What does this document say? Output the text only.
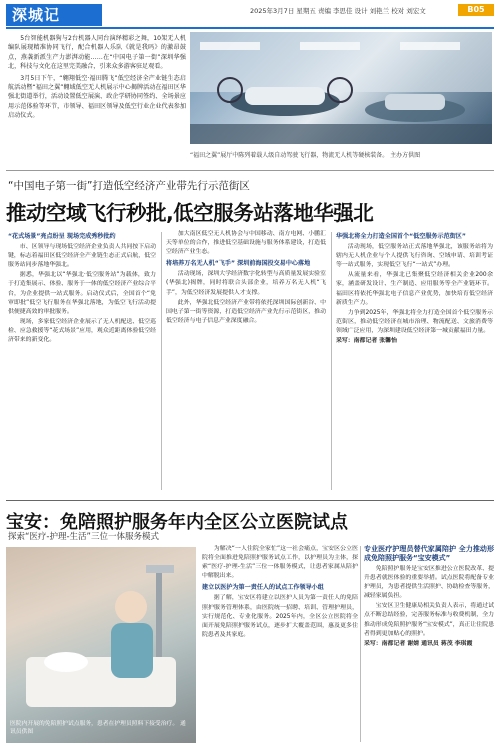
深城记	2025年3月7日 星期五 责编 李思佳 设计 刘艳兰 校对 刘宏文	B05

5台智能机器狗与2台机器人同台演绎精彩之舞，10架无人机编队展现精准协同飞行，配合机器人乐队《就是我吗》的激昂鼓点，燕袭新派生产力澎湃动能……在“中国电子第一街”深圳华强北，科技与文化在这里完美融合，引来众多游客驻足观看。

3月5日下午，“翱翔低空·福田腾飞”低空经济全产业链生态启航活动暨“福田之翼”翱域低空无人机展示中心揭牌活动在福田区华强北街道举行，活动设置低空展演、政企学研协同签约、全场景应用示范体验等环节，市领导、福田区领导及低空行业企业代表参加启动仪式。

“福田之翼”展厅中陈列着载人级自动驾驶飞行器，物流无人机等硬核装备。 主办方供图
“中国电子第一街”打造低空经济产业带先行示范街区
推动空域飞行秒批,低空服务站落地华强北

“花式场景”亮点纷呈 现场完成秀秒批约

市、区领导与现场低空经济企业负责人共同按下启动键，标志着福田区低空经济全产业链生态正式启航，低空服务站同步落地华强北。

据悉，华强北以“华强北·低空服务站”为载体，致力于打造集展示、体验、服务于一体的低空经济产业综合平台，为企业提供一站式服务。启动仪式后，全国首个“免审即批”低空飞行服务在华强北落地，为低空飞行活动提供便捷高效的审批服务。

现场，多家低空经济企业展示了无人机配送、低空巡检、应急救援等“花式场景”应用，观众近距离体验低空经济带来的新变化。

加大南区低空无人机协会与中国移动、南方电网、小鹏汇天等单位的合作，推进低空基础设施与服务体系建设，打造低空经济产业生态。

将培养万名无人机“飞手” 深圳前海国投交易中心落地

活动现场，深圳大学经济数字化转型与高质量发展实验室(华强北)揭牌，同时将联合头部企业，培养万名无人机“飞手”，为低空经济发展提供人才支撑。

此外，华强北低空经济产业带将依托深圳国际创新谷、中国电子第一街等资源，打造低空经济产业先行示范街区，推动低空经济与电子信息产业深度融合。

华强北将全力打造全国首个“低空服务示范街区”

活动现场，低空服务站正式落地华强北，该服务站将为辖内无人机企业与个人提供飞行咨询、空域申请、培训考证等一站式服务，实现低空飞行“一站式”办理。

从流量来看，华强北已集聚低空经济相关企业200余家，涵盖研发设计、生产制造、应用服务等全产业链环节。福田区将依托华强北电子信息产业优势，加快培育低空经济新质生产力。

力争到2025年，华强北将全力打造全国首个低空服务示范街区，推动低空经济在城市治理、物流配送、文旅消费等领域广泛应用，为深圳建设低空经济第一城贡献福田力量。

采写：南都记者 张馨怡

宝安：免陪照护服务年内全区公立医院试点
探索“医疗-护理-生活”三位一体服务模式
医院内开展的免陪照护试点服务，患者在护理员照料下接受治疗。 通讯员供图

为解决“一人住院全家忙”这一社会痛点，宝安区公立医院将全面推进免陪照护服务试点工作，以护理员为主体，探索“医疗-护理-生活”三位一体服务模式，让患者家属从陪护中解脱出来。

建立以医护为第一责任人的试点工作领导小组

据了解，宝安区将建立以医护人员为第一责任人的免陪照护服务管理体系，由医院统一招聘、培训、管理护理员，实行规范化、专业化服务。2025年内，全区公立医院将全面开展免陪照护服务试点，逐步扩大覆盖范围，惠及更多住院患者及其家庭。

专业医疗护理员替代家属陪护 全力推动形成免陪照护服务“宝安模式”

免陪照护服务是宝安区推进公立医院改革、提升患者就医体验的重要举措。试点医院将配备专业护理员，为患者提供生活照护、协助检查等服务，减轻家属负担。

宝安区卫生健康局相关负责人表示，将通过试点不断总结经验，完善服务标准与收费机制，全力推动形成免陪照护服务“宝安模式”，真正让住院患者得到更加贴心的照护。

采写：南都记者 谢婧 通讯员 蒋茂 李琪霞
